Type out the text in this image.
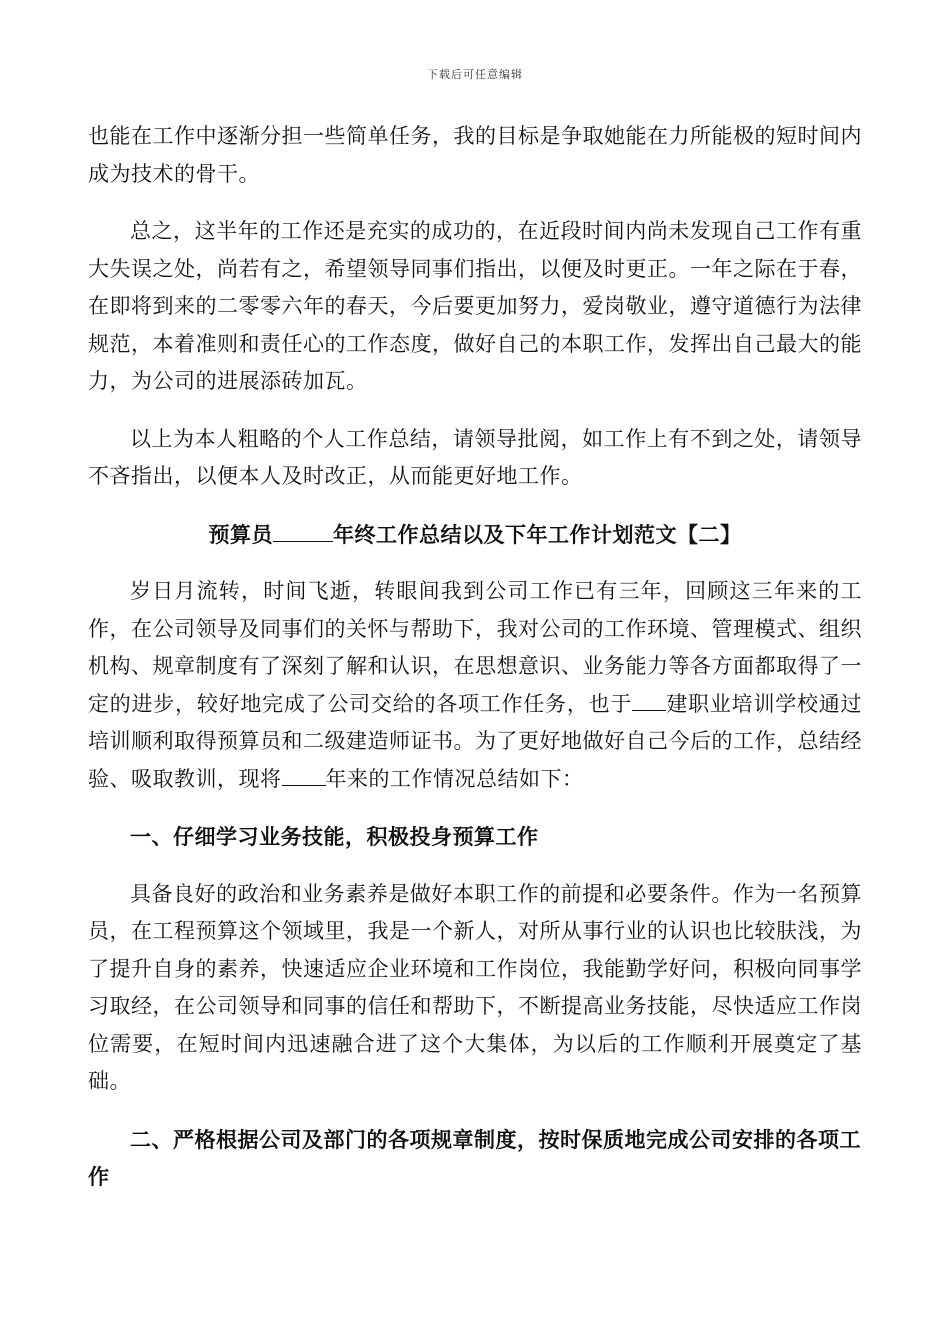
下载后可任意编辑

也能在工作中逐渐分担一些简单任务，我的目标是争取她能在力所能极的短时间内成为技术的骨干。

总之，这半年的工作还是充实的成功的，在近段时间内尚未发现自己工作有重大失误之处，尚若有之，希望领导同事们指出，以便及时更正。一年之际在于春，在即将到来的二零零六年的春天，今后要更加努力，爱岗敬业，遵守道德行为法律规范，本着准则和责任心的工作态度，做好自己的本职工作，发挥出自己最大的能力，为公司的进展添砖加瓦。

以上为本人粗略的个人工作总结，请领导批阅，如工作上有不到之处，请领导不吝指出，以便本人及时改正，从而能更好地工作。

预算员	年终工作总结以及下年工作计划范文【二】

岁日月流转，时间飞逝，转眼间我到公司工作已有三年，回顾这三年来的工作，在公司领导及同事们的关怀与帮助下，我对公司的工作环境、管理模式、组织机构、规章制度有了深刻了解和认识，在思想意识、业务能力等各方面都取得了一定的进步，较好地完成了公司交给的各项工作任务，也于 建职业培训学校通过培训顺利取得预算员和二级建造师证书。为了更好地做好自己今后的工作，总结经验、吸取教训，现将 年来的工作情况总结如下：

一、仔细学习业务技能，积极投身预算工作

具备良好的政治和业务素养是做好本职工作的前提和必要条件。作为一名预算员，在工程预算这个领域里，我是一个新人，对所从事行业的认识也比较肤浅，为了提升自身的素养，快速适应企业环境和工作岗位，我能勤学好问，积极向同事学习取经，在公司领导和同事的信任和帮助下，不断提高业务技能，尽快适应工作岗位需要，在短时间内迅速融合进了这个大集体，为以后的工作顺利开展奠定了基础。

二、严格根据公司及部门的各项规章制度，按时保质地完成公司安排的各项工作
